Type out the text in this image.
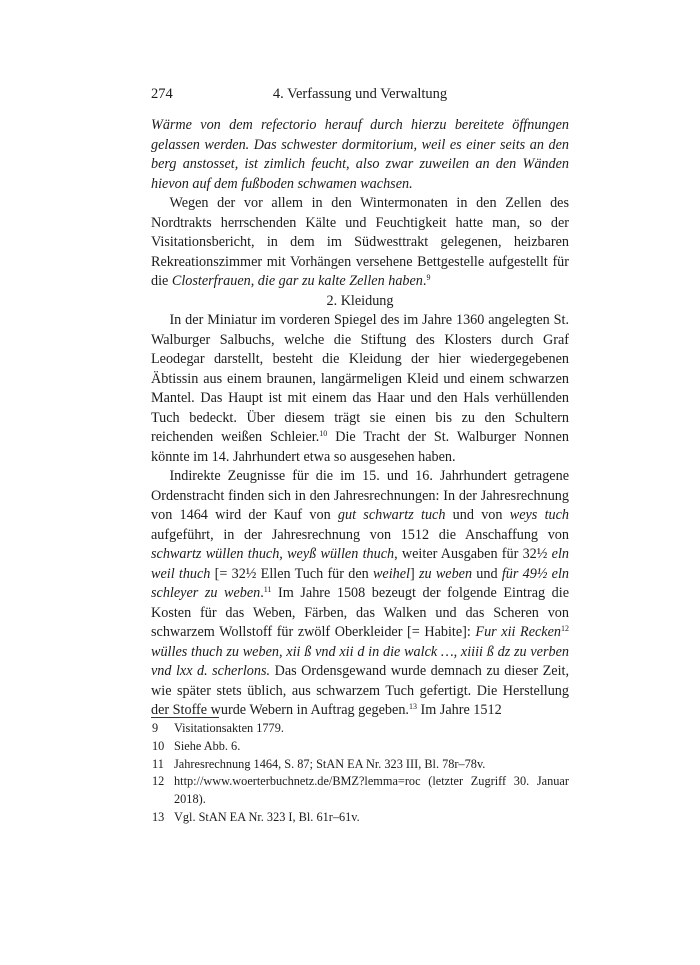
274	4. Verfassung und Verwaltung

Wärme von dem refectorio herauf durch hierzu bereitete öffnungen gelassen werden. Das schwester dormitorium, weil es einer seits an den berg anstosset, ist zimlich feucht, also zwar zuweilen an den Wänden hievon auf dem fußboden schwamen wachsen.

Wegen der vor allem in den Wintermonaten in den Zellen des Nordtrakts herrschenden Kälte und Feuchtigkeit hatte man, so der Visitationsbericht, in dem im Südwesttrakt gelegenen, heizbaren Rekreationszimmer mit Vorhängen versehene Bettgestelle aufgestellt für die Closterfrauen, die gar zu kalte Zellen haben.$^9$

2. Kleidung

In der Miniatur im vorderen Spiegel des im Jahre 1360 angelegten St. Walburger Salbuchs, welche die Stiftung des Klosters durch Graf Leodegar darstellt, besteht die Kleidung der hier wiedergegebenen Äbtissin aus einem braunen, langärmeligen Kleid und einem schwarzen Mantel. Das Haupt ist mit einem das Haar und den Hals verhüllenden Tuch bedeckt. Über diesem trägt sie einen bis zu den Schultern reichenden weißen Schleier.$^{10}$ Die Tracht der St. Walburger Nonnen könnte im 14. Jahrhundert etwa so ausgesehen haben.

Indirekte Zeugnisse für die im 15. und 16. Jahrhundert getragene Ordenstracht finden sich in den Jahresrechnungen: In der Jahresrechnung von 1464 wird der Kauf von gut schwartz tuch und von weys tuch aufgeführt, in der Jahresrechnung von 1512 die Anschaffung von schwartz wüllen thuch, weyß wüllen thuch, weiter Ausgaben für 32½ eln weil thuch [= 32½ Ellen Tuch für den weihel] zu weben und für 49½ eln schleyer zu weben.$^{11}$ Im Jahre 1508 bezeugt der folgende Eintrag die Kosten für das Weben, Färben, das Walken und das Scheren von schwarzem Wollstoff für zwölf Oberkleider [= Habite]: Fur xii Recken$^{12}$ wülles thuch zu weben, xii ß vnd xii d in die walck …, xiiii ß dz zu verben vnd lxx d. scherlons. Das Ordensgewand wurde demnach zu dieser Zeit, wie später stets üblich, aus schwarzem Tuch gefertigt. Die Herstellung der Stoffe wurde Webern in Auftrag gegeben.$^{13}$ Im Jahre 1512

9	Visitationsakten 1779.
10 Siehe Abb. 6.
11 Jahresrechnung 1464, S. 87; StAN EA Nr. 323 III, Bl. 78r–78v.
12 http://www.woerterbuchnetz.de/BMZ?lemma=roc (letzter Zugriff 30. Januar 2018).
13 Vgl. StAN EA Nr. 323 I, Bl. 61r–61v.
